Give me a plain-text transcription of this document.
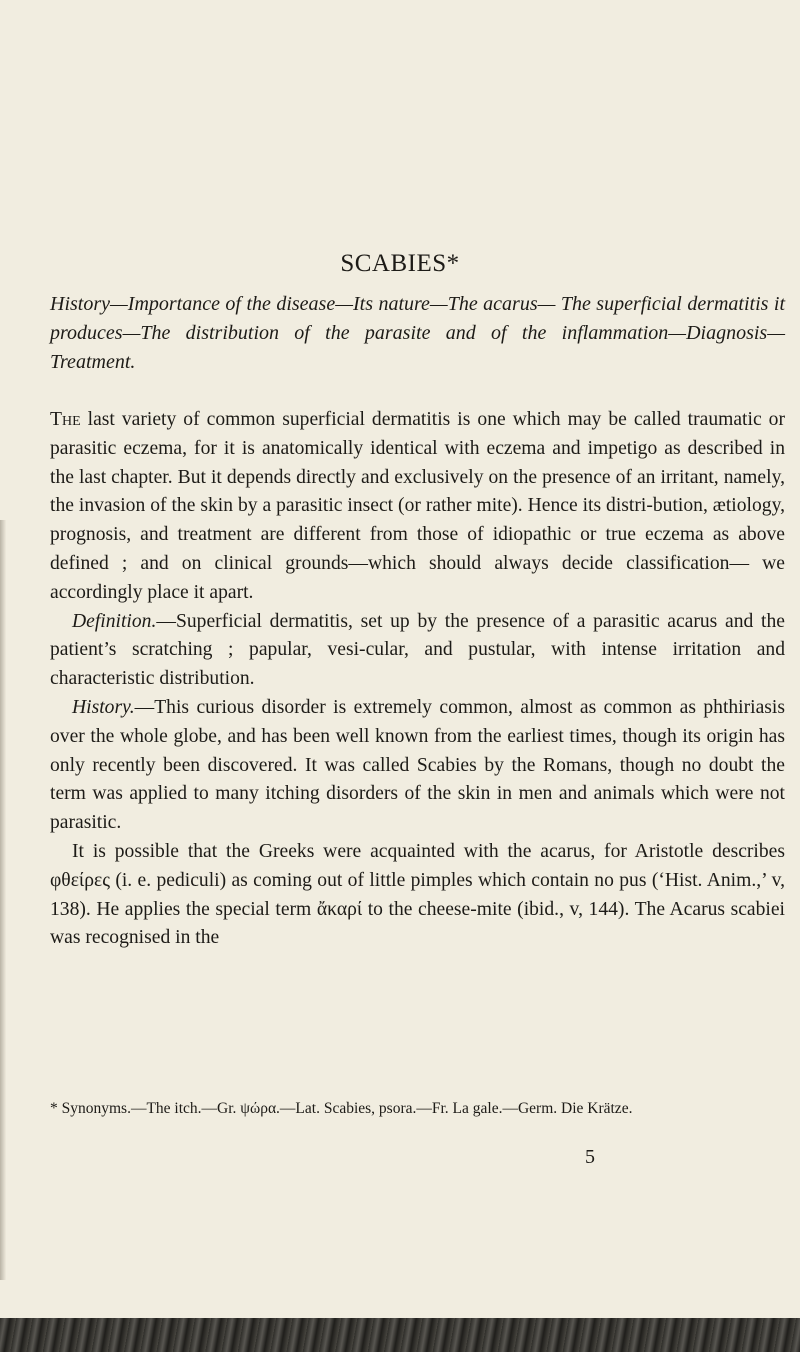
SCABIES*
History—Importance of the disease—Its nature—The acarus— The superficial dermatitis it produces—The distribution of the parasite and of the inflammation—Diagnosis—Treatment.

The last variety of common superficial dermatitis is one which may be called traumatic or parasitic eczema, for it is anatomically identical with eczema and impetigo as described in the last chapter. But it depends directly and exclusively on the presence of an irritant, namely, the invasion of the skin by a parasitic insect (or rather mite). Hence its distri-bution, ætiology, prognosis, and treatment are different from those of idiopathic or true eczema as above defined ; and on clinical grounds—which should always decide classification— we accordingly place it apart.

Definition.—Superficial dermatitis, set up by the presence of a parasitic acarus and the patient’s scratching ; papular, vesi-cular, and pustular, with intense irritation and characteristic distribution.

History.—This curious disorder is extremely common, almost as common as phthiriasis over the whole globe, and has been well known from the earliest times, though its origin has only recently been discovered. It was called Scabies by the Romans, though no doubt the term was applied to many itching disorders of the skin in men and animals which were not parasitic.

It is possible that the Greeks were acquainted with the acarus, for Aristotle describes φθείρες (i. e. pediculi) as coming out of little pimples which contain no pus (‘Hist. Anim.,’ v, 138). He applies the special term ἄκαρί to the cheese-mite (ibid., v, 144). The Acarus scabiei was recognised in the

* Synonyms.—The itch.—Gr. ψώρα.—Lat. Scabies, psora.—Fr. La gale.—Germ. Die Krätze.
5
